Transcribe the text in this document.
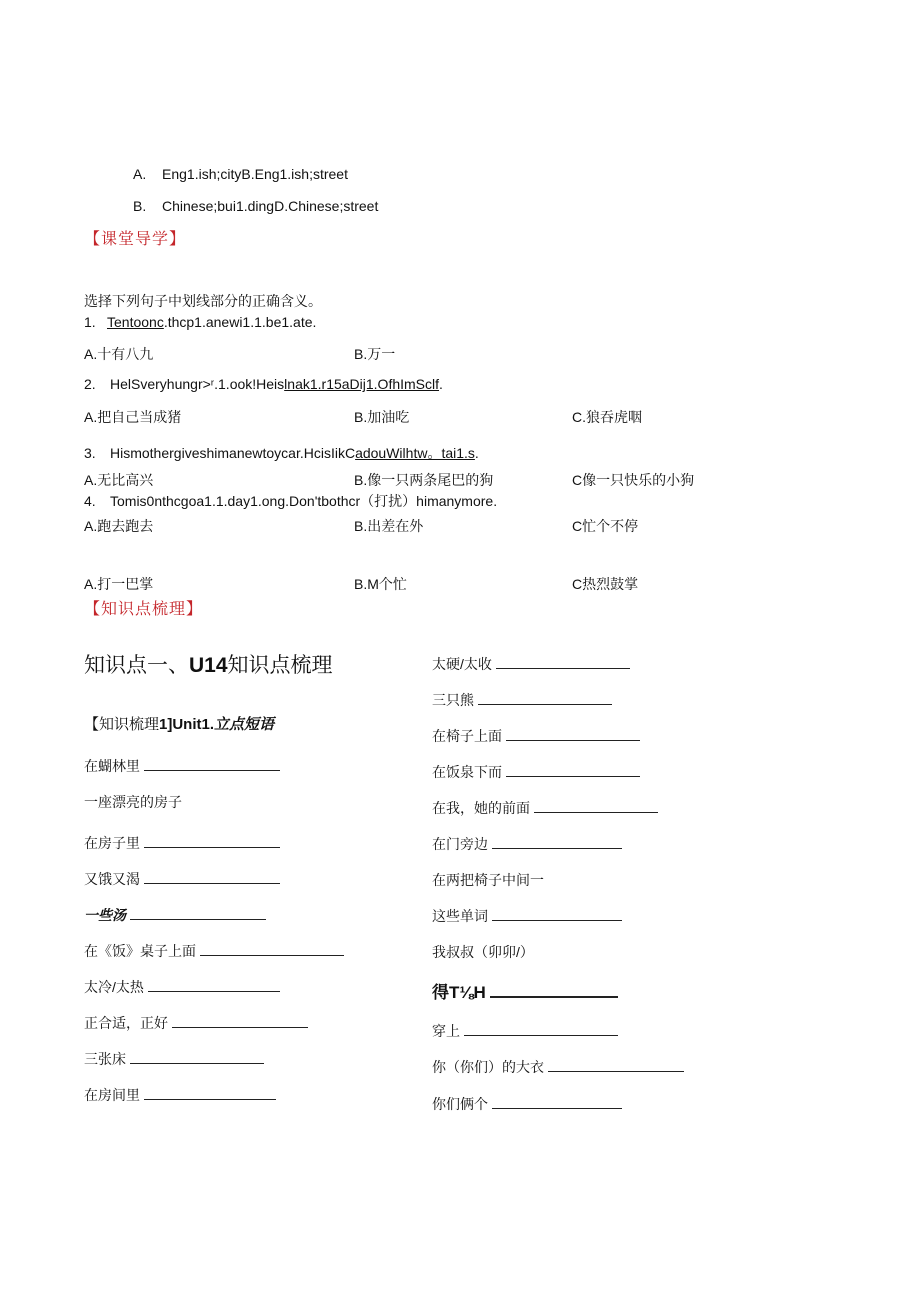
A. Eng1.ish;cityB.Eng1.ish;street
B. Chinese;bui1.dingD.Chinese;street
【课堂导学】
选择下列句子中划线部分的正确含义。
1. Tentoonc.thcp1.anewi1.1.be1.ate.
A.十有八九	B.万一
2. HelSveryhungr>ʳ.1.ook!Heislnak1.r15aDij1.OfhImSclf.
A.把自己当成猪	B.加油吃	C.狼吞虎咽
3. Hismothergiveshimanewtoycar.HcisIikCadouWilhtw。tai1.s.
A.无比高兴	B.像一只两条尾巴的狗	C像一只快乐的小狗
4. Tomis0nthcgoa1.1.day1.ong.Don'tbothcr（打扰）himanymore.
A.跑去跑去	B.出差在外	C忙个不停
A.打一巴掌	B.M个忙	C热烈鼓掌
【知识点梳理】
知识点一、U14知识点梳理
【知识梳理1]Unit1.立点短语
在蝴林里
一座漂亮的房子
在房子里
又饿又渴
一些汤
在《饭》桌子上面
太冷/太热
正合适，正好
三张床
在房间里
太硬/太收
三只熊
在椅子上面
在饭泉下而
在我，她的前面
在门旁边
在两把椅子中间一
这些单词
我叔叔（卯卯/）
得T⅛H
穿上
你（你们）的大衣
你们俩个
